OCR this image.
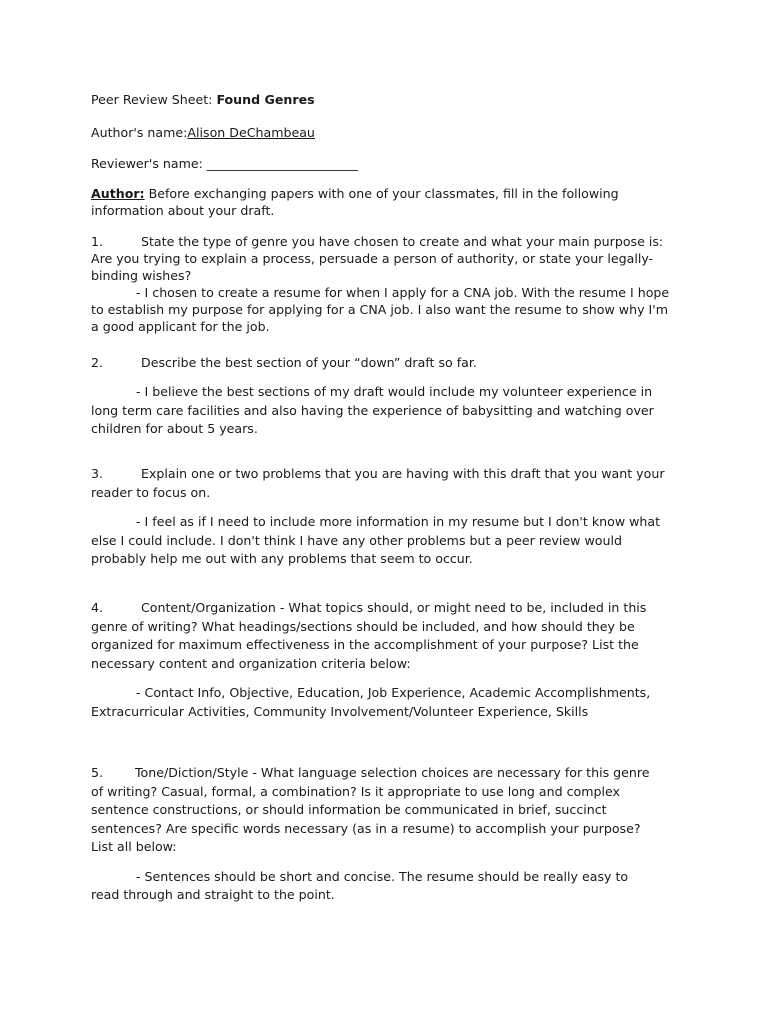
Peer Review Sheet: Found Genres

Author's name:Alison DeChambeau

Reviewer's name: ________________________

Author: Before exchanging papers with one of your classmates, fill in the following information about your draft.

1.	State the type of genre you have chosen to create and what your main purpose is: Are you trying to explain a process, persuade a person of authority, or state your legally-binding wishes?

- I chosen to create a resume for when I apply for a CNA job. With the resume I hope to establish my purpose for applying for a CNA job. I also want the resume to show why I'm a good applicant for the job.

2.	Describe the best section of your “down” draft so far.

- I believe the best sections of my draft would include my volunteer experience in long term care facilities and also having the experience of babysitting and watching over children for about 5 years.

3.	Explain one or two problems that you are having with this draft that you want your reader to focus on.

- I feel as if I need to include more information in my resume but I don't know what else I could include. I don't think I have any other problems but a peer review would probably help me out with any problems that seem to occur.

4.	Content/Organization - What topics should, or might need to be, included in this genre of writing? What headings/sections should be included, and how should they be organized for maximum effectiveness in the accomplishment of your purpose? List the necessary content and organization criteria below:

- Contact Info, Objective, Education, Job Experience, Academic Accomplishments, Extracurricular Activities, Community Involvement/Volunteer Experience, Skills

5.	Tone/Diction/Style - What language selection choices are necessary for this genre of writing? Casual, formal, a combination? Is it appropriate to use long and complex sentence constructions, or should information be communicated in brief, succinct sentences? Are specific words necessary (as in a resume) to accomplish your purpose? List all below:

- Sentences should be short and concise. The resume should be really easy to read through and straight to the point.
